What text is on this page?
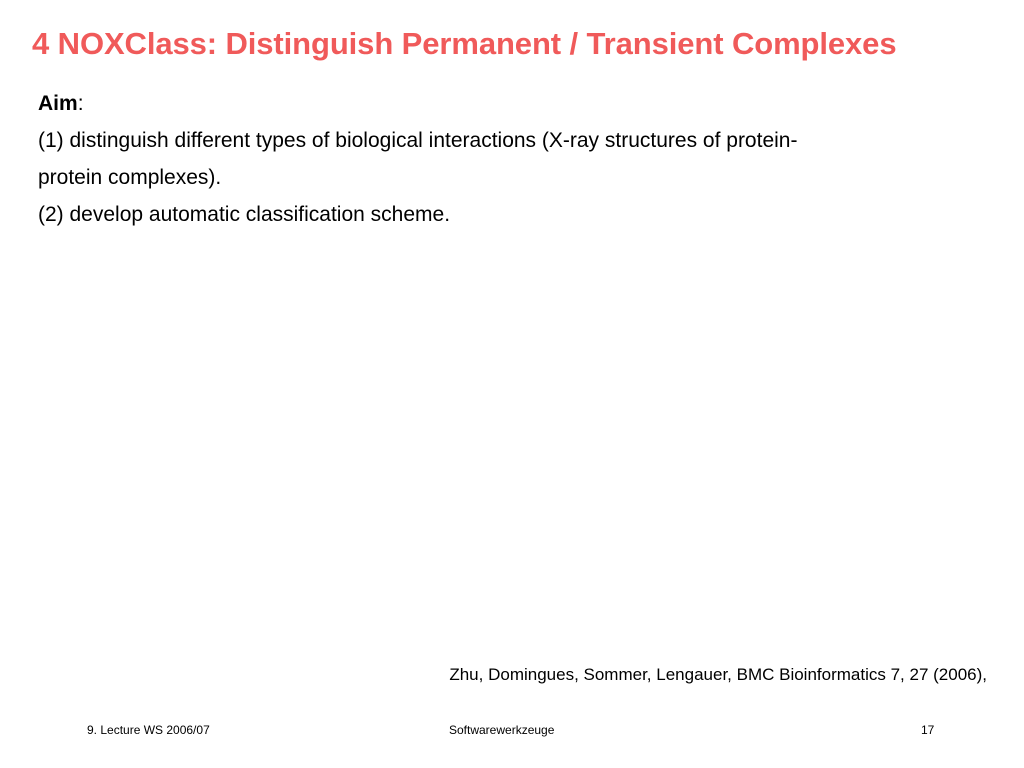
4 NOXClass: Distinguish Permanent / Transient Complexes
Aim:
(1) distinguish different types of biological interactions (X-ray structures of protein-
protein complexes).
(2) develop automatic classification scheme.
Zhu, Domingues, Sommer, Lengauer, BMC Bioinformatics 7, 27 (2006),
9. Lecture WS 2006/07	Softwarewerkzeuge	17
